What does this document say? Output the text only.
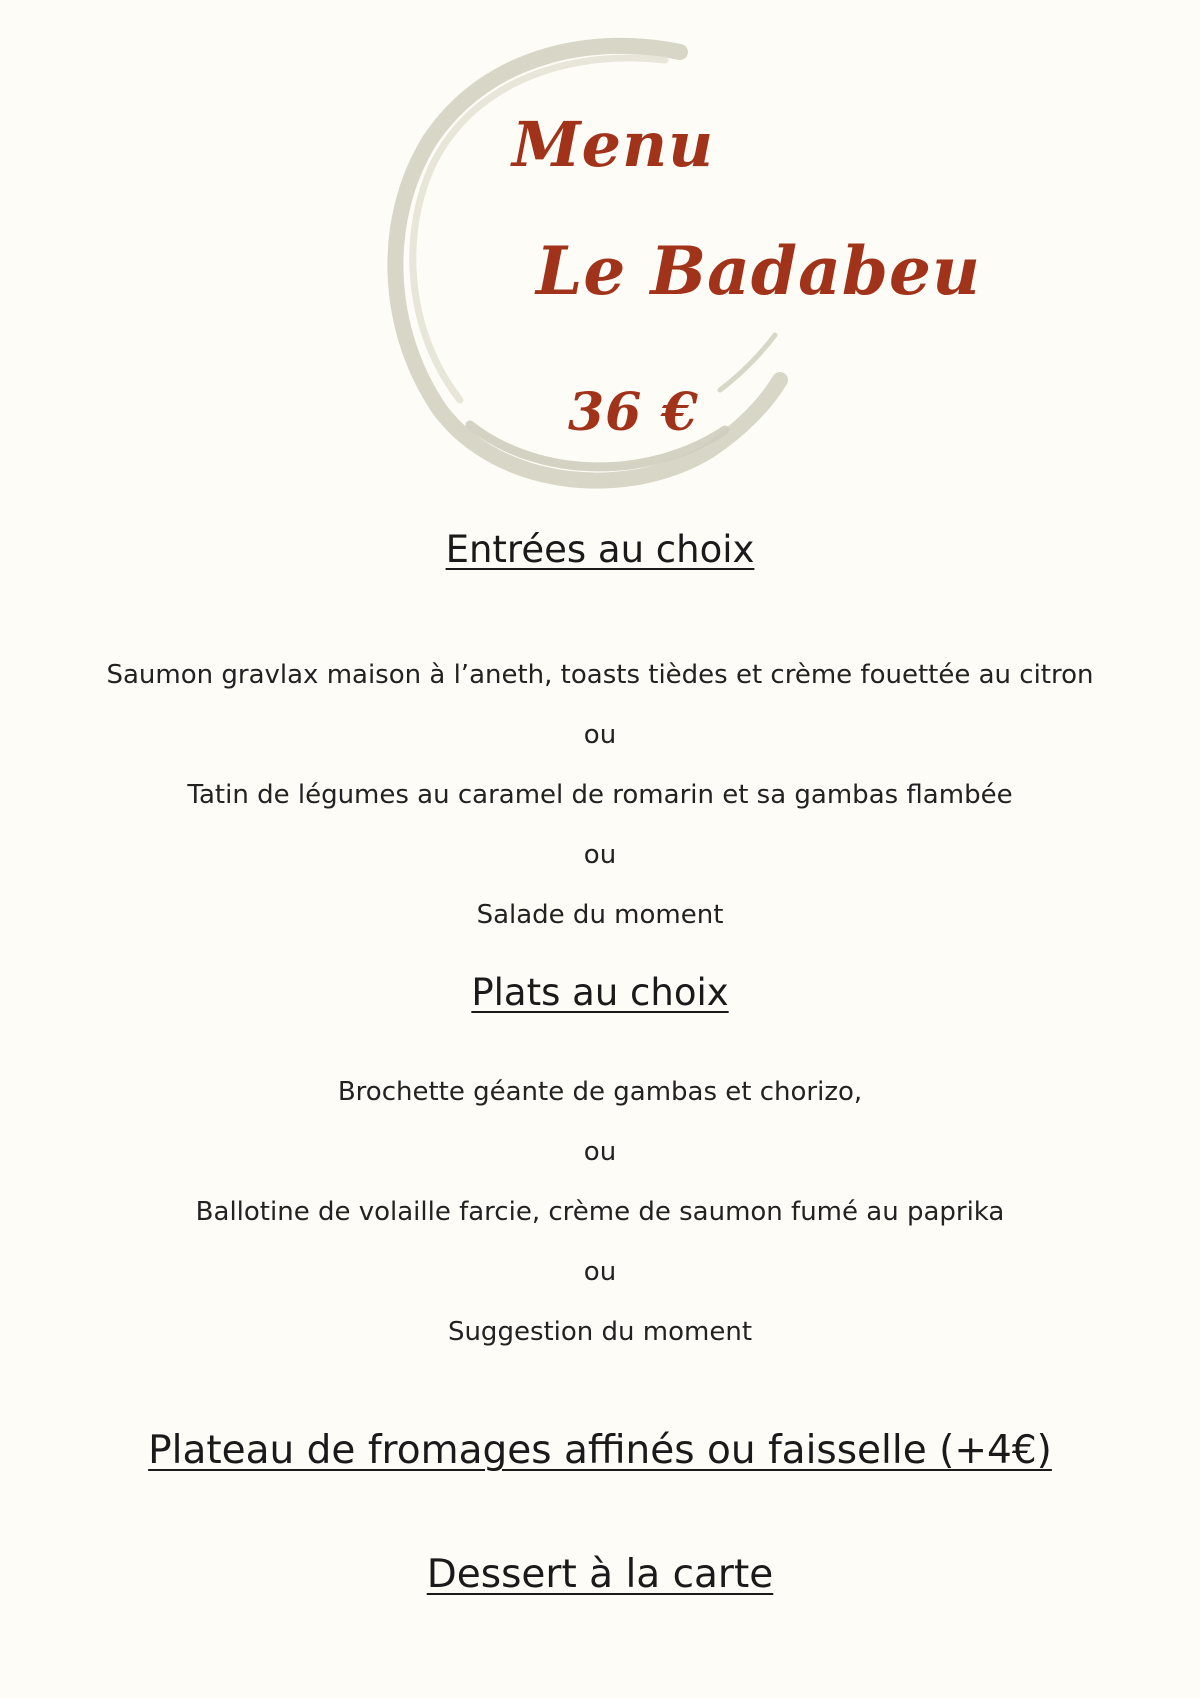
Menu
Le Badabeu
36 €
Entrées au choix
Saumon gravlax maison à l’aneth, toasts tièdes et crème fouettée au citron
ou
Tatin de légumes au caramel de romarin et sa gambas flambée
ou
Salade du moment
Plats au choix
Brochette géante de gambas et chorizo,
ou
Ballotine de volaille farcie, crème de saumon fumé au paprika
ou
Suggestion du moment
Plateau de fromages affinés ou faisselle (+4€)
Dessert à la carte
